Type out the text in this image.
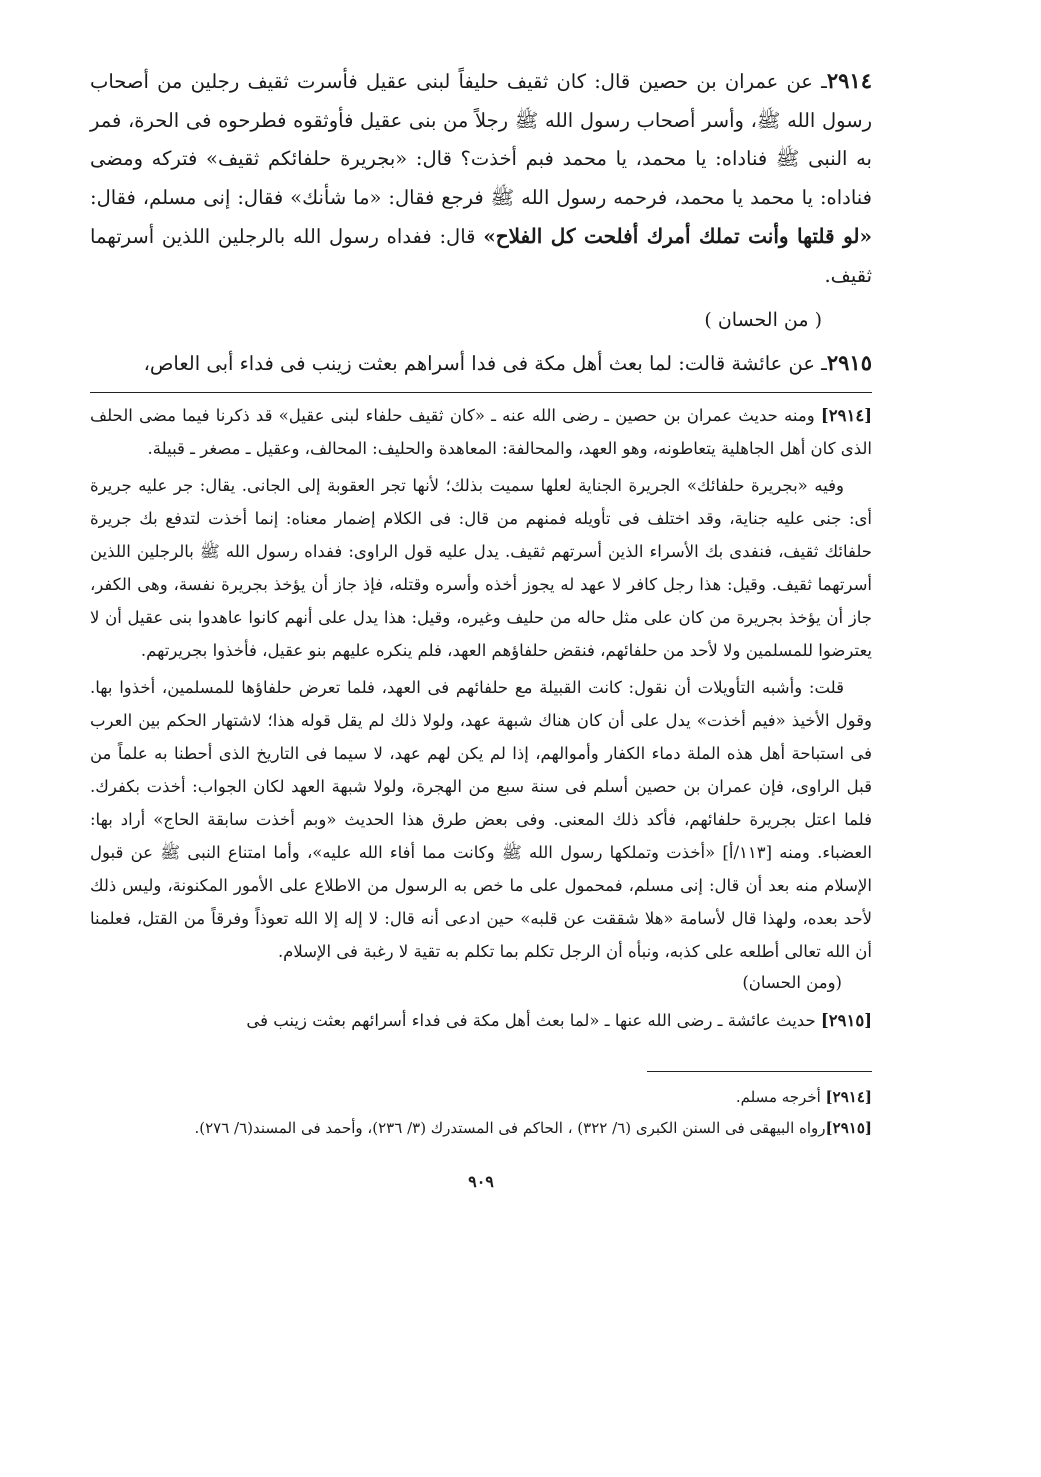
٢٩١٤ـ عن عمران بن حصين قال: كان ثقيف حليفاً لبنى عقيل فأسرت ثقيف رجلين من أصحاب رسول الله ﷺ، وأسر أصحاب رسول الله ﷺ رجلاً من بنى عقيل فأوثقوه فطرحوه فى الحرة، فمر به النبى ﷺ فناداه: يا محمد، يا محمد فبم أخذت؟ قال: «بجريرة حلفائكم ثقيف» فتركه ومضى فناداه: يا محمد يا محمد، فرحمه رسول الله ﷺ فرجع فقال: «ما شأنك» فقال: إنى مسلم، فقال: «لو قلتها وأنت تملك أمرك أفلحت كل الفلاح» قال: ففداه رسول الله بالرجلين اللذين أسرتهما ثقيف.

( من الحسان )

٢٩١٥ـ عن عائشة قالت: لما بعث أهل مكة فى فدا أسراهم بعثت زينب فى فداء أبى العاص،

[٢٩١٤] ومنه حديث عمران بن حصين ـ رضى الله عنه ـ «كان ثقيف حلفاء لبنى عقيل» قد ذكرنا فيما مضى الحلف الذى كان أهل الجاهلية يتعاطونه، وهو العهد، والمحالفة: المعاهدة والحليف: المحالف، وعقيل ـ مصغر ـ قبيلة.

وفيه «بجريرة حلفائك» الجريرة الجناية لعلها سميت بذلك؛ لأنها تجر العقوبة إلى الجانى. يقال: جر عليه جريرة أى: جنى عليه جناية، وقد اختلف فى تأويله فمنهم من قال: فى الكلام إضمار معناه: إنما أخذت لتدفع بك جريرة حلفائك ثقيف، فنفدى بك الأسراء الذين أسرتهم ثقيف. يدل عليه قول الراوى: ففداه رسول الله ﷺ بالرجلين اللذين أسرتهما ثقيف. وقيل: هذا رجل كافر لا عهد له يجوز أخذه وأسره وقتله، فإذ جاز أن يؤخذ بجريرة نفسة، وهى الكفر، جاز أن يؤخذ بجريرة من كان على مثل حاله من حليف وغيره، وقيل: هذا يدل على أنهم كانوا عاهدوا بنى عقيل أن لا يعترضوا للمسلمين ولا لأحد من حلفائهم، فنقض حلفاؤهم العهد، فلم ينكره عليهم بنو عقيل، فأخذوا بجريرتهم.

قلت: وأشبه التأويلات أن نقول: كانت القبيلة مع حلفائهم فى العهد، فلما تعرض حلفاؤها للمسلمين، أخذوا بها. وقول الأخيذ «فيم أخذت» يدل على أن كان هناك شبهة عهد، ولولا ذلك لم يقل قوله هذا؛ لاشتهار الحكم بين العرب فى استباحة أهل هذه الملة دماء الكفار وأموالهم، إذا لم يكن لهم عهد، لا سيما فى التاريخ الذى أحطنا به علماً من قبل الراوى، فإن عمران بن حصين أسلم فى سنة سبع من الهجرة، ولولا شبهة العهد لكان الجواب: أخذت بكفرك. فلما اعتل بجريرة حلفائهم، فأكد ذلك المعنى. وفى بعض طرق هذا الحديث «وبم أخذت سابقة الحاج» أراد بها: العضباء. ومنه [١١٣/أ] «أخذت وتملكها رسول الله ﷺ وكانت مما أفاء الله عليه»، وأما امتناع النبى ﷺ عن قبول الإسلام منه بعد أن قال: إنى مسلم، فمحمول على ما خص به الرسول من الاطلاع على الأمور المكنونة، وليس ذلك لأحد بعده، ولهذا قال لأسامة «هلا شققت عن قلبه» حين ادعى أنه قال: لا إله إلا الله تعوذاً وفرقاً من القتل، فعلمنا أن الله تعالى أطلعه على كذبه، ونبأه أن الرجل تكلم بما تكلم به تقية لا رغبة فى الإسلام.

(ومن الحسان)

[٢٩١٥] حديث عائشة ـ رضى الله عنها ـ «لما بعث أهل مكة فى فداء أسرائهم بعثت زينب فى

[٢٩١٤] أخرجه مسلم.
[٢٩١٥]رواه البيهقى فى السنن الكبرى (٦/ ٣٢٢) ، الحاكم فى المستدرك (٣/ ٢٣٦)، وأحمد فى المسند(٦/ ٢٧٦).
٩٠٩
